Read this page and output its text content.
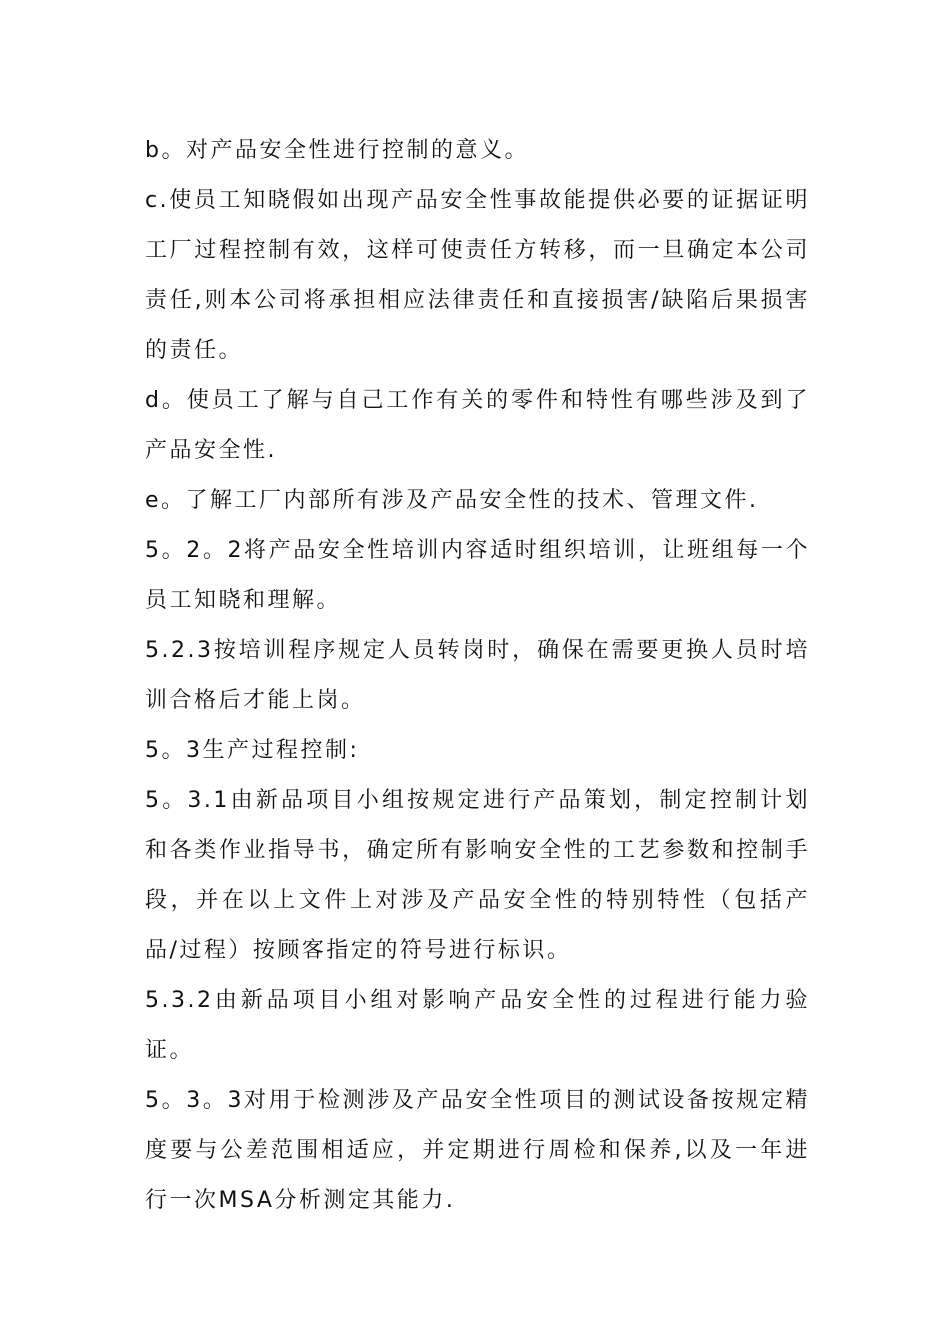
b。对产品安全性进行控制的意义。

c.使员工知晓假如出现产品安全性事故能提供必要的证据证明工厂过程控制有效，这样可使责任方转移，而一旦确定本公司责任,则本公司将承担相应法律责任和直接损害/缺陷后果损害的责任。

d。使员工了解与自己工作有关的零件和特性有哪些涉及到了产品安全性.

e。了解工厂内部所有涉及产品安全性的技术、管理文件.

5。2。2将产品安全性培训内容适时组织培训，让班组每一个员工知晓和理解。

5.2.3按培训程序规定人员转岗时，确保在需要更换人员时培训合格后才能上岗。

5。3生产过程控制:

5。3.1由新品项目小组按规定进行产品策划，制定控制计划和各类作业指导书，确定所有影响安全性的工艺参数和控制手段，并在以上文件上对涉及产品安全性的特别特性（包括产品/过程）按顾客指定的符号进行标识。

5.3.2由新品项目小组对影响产品安全性的过程进行能力验证。

5。3。3对用于检测涉及产品安全性项目的测试设备按规定精度要与公差范围相适应，并定期进行周检和保养,以及一年进行一次MSA分析测定其能力.
